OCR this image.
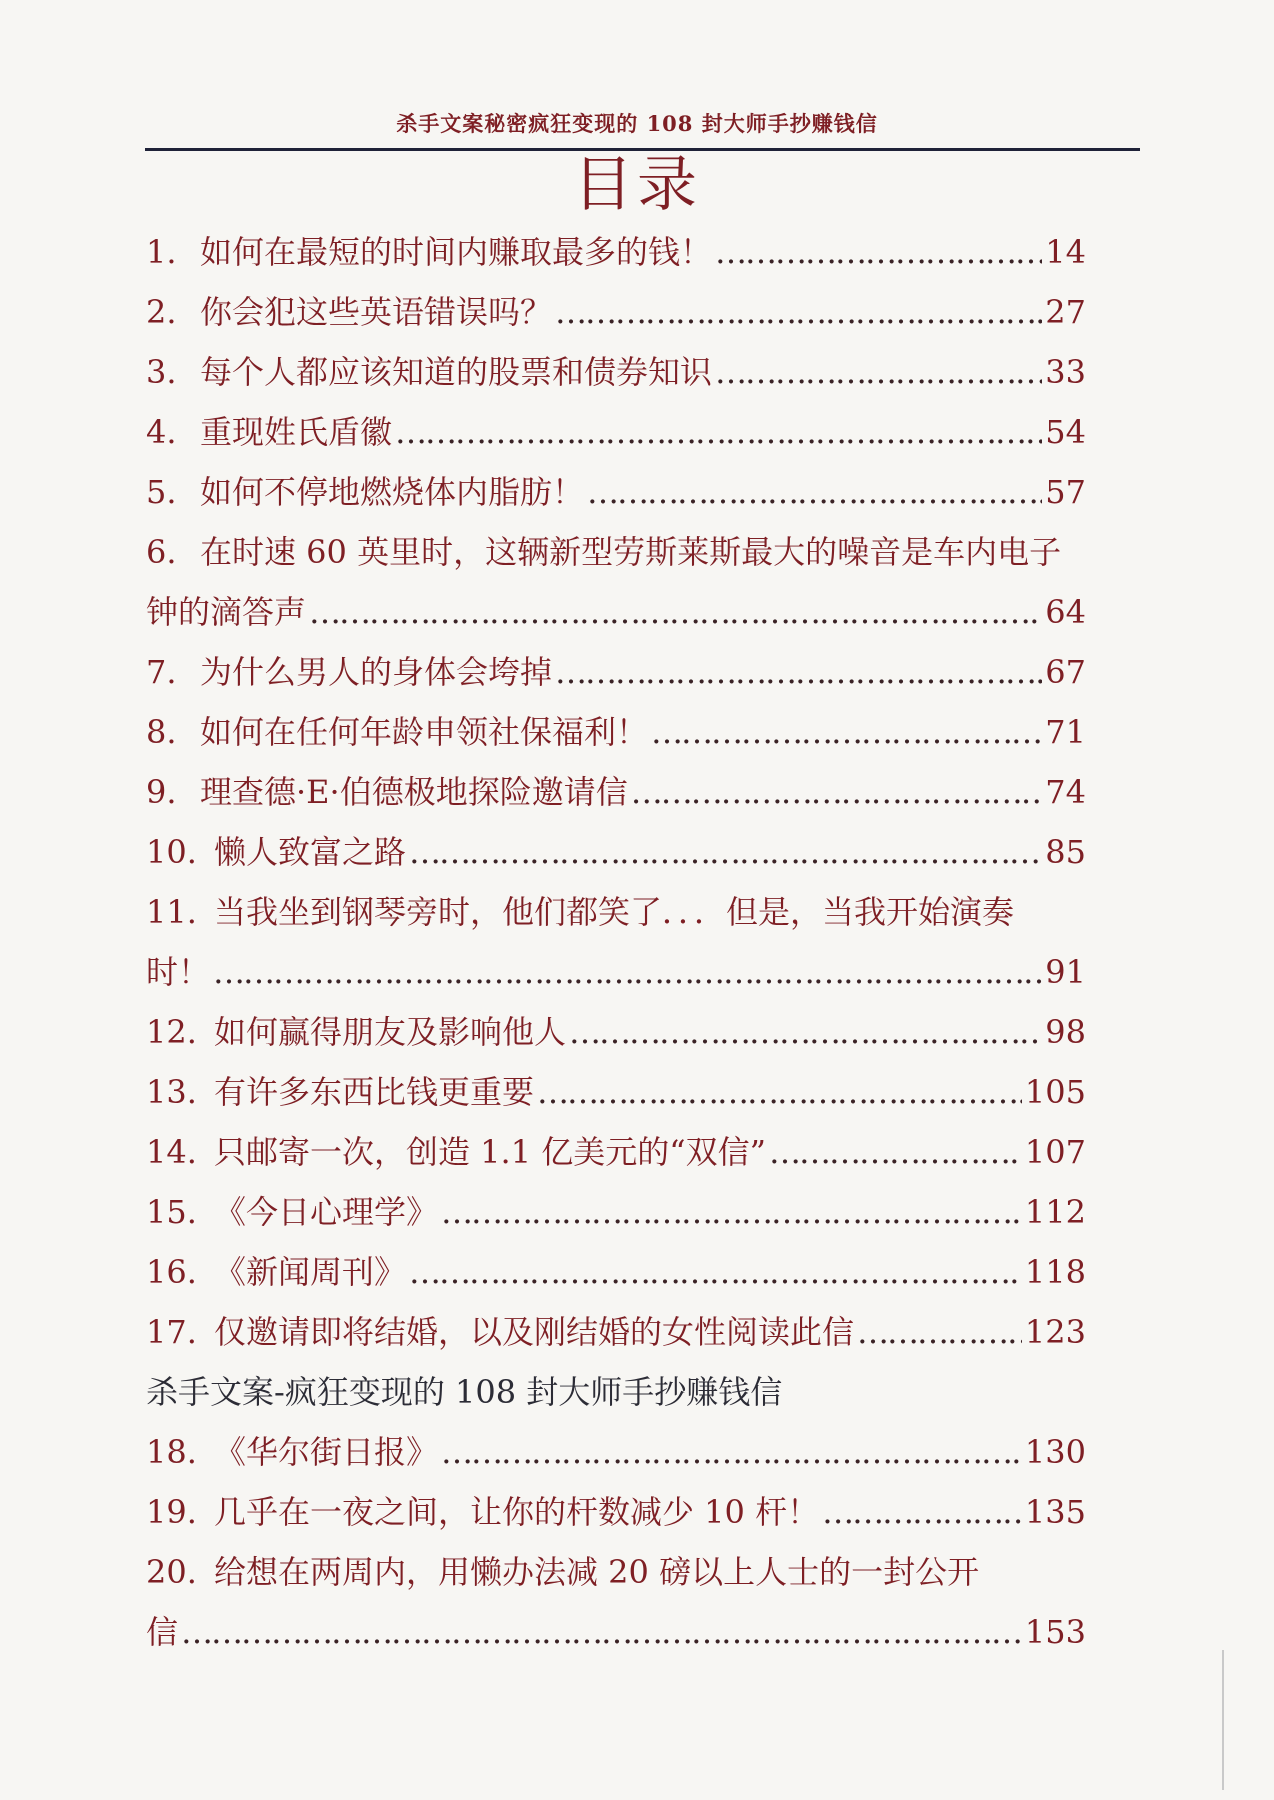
杀手文案秘密疯狂变现的 108 封大师手抄赚钱信
目录
1. 如何在最短的时间内赚取最多的钱！ ………………………………………………………………………………………………………………………………………………	14
2. 你会犯这些英语错误吗？ ………………………………………………………………………………………………………………………………………………	27
3. 每个人都应该知道的股票和债券知识 ………………………………………………………………………………………………………………………………………………	33
4. 重现姓氏盾徽 ………………………………………………………………………………………………………………………………………………	54
5. 如何不停地燃烧体内脂肪！ ………………………………………………………………………………………………………………………………………………	57
6. 在时速 60 英里时，这辆新型劳斯莱斯最大的噪音是车内电子
钟的滴答声 ………………………………………………………………………………………………………………………………………………	64
7. 为什么男人的身体会垮掉 ………………………………………………………………………………………………………………………………………………	67
8. 如何在任何年龄申领社保福利！ ………………………………………………………………………………………………………………………………………………	71
9. 理查德·E·伯德极地探险邀请信 ………………………………………………………………………………………………………………………………………………	74
10. 懒人致富之路 ………………………………………………………………………………………………………………………………………………	85
11. 当我坐到钢琴旁时，他们都笑了．．．但是，当我开始演奏
时！ ………………………………………………………………………………………………………………………………………………	91
12. 如何赢得朋友及影响他人 ………………………………………………………………………………………………………………………………………………	98
13. 有许多东西比钱更重要 ………………………………………………………………………………………………………………………………………………	105
14. 只邮寄一次，创造 1.1 亿美元的“双信” ………………………………………………………………………………………………………………………………………………	107
15. 《今日心理学》 ………………………………………………………………………………………………………………………………………………	112
16. 《新闻周刊》 ………………………………………………………………………………………………………………………………………………	118
17. 仅邀请即将结婚，以及刚结婚的女性阅读此信 ………………………………………………………………………………………………………………………………………………	123
杀手文案-疯狂变现的 108 封大师手抄赚钱信
18. 《华尔街日报》 ………………………………………………………………………………………………………………………………………………	130
19. 几乎在一夜之间，让你的杆数减少 10 杆！ ………………………………………………………………………………………………………………………………………………	135
20. 给想在两周内，用懒办法减 20 磅以上人士的一封公开
信 ………………………………………………………………………………………………………………………………………………	153
